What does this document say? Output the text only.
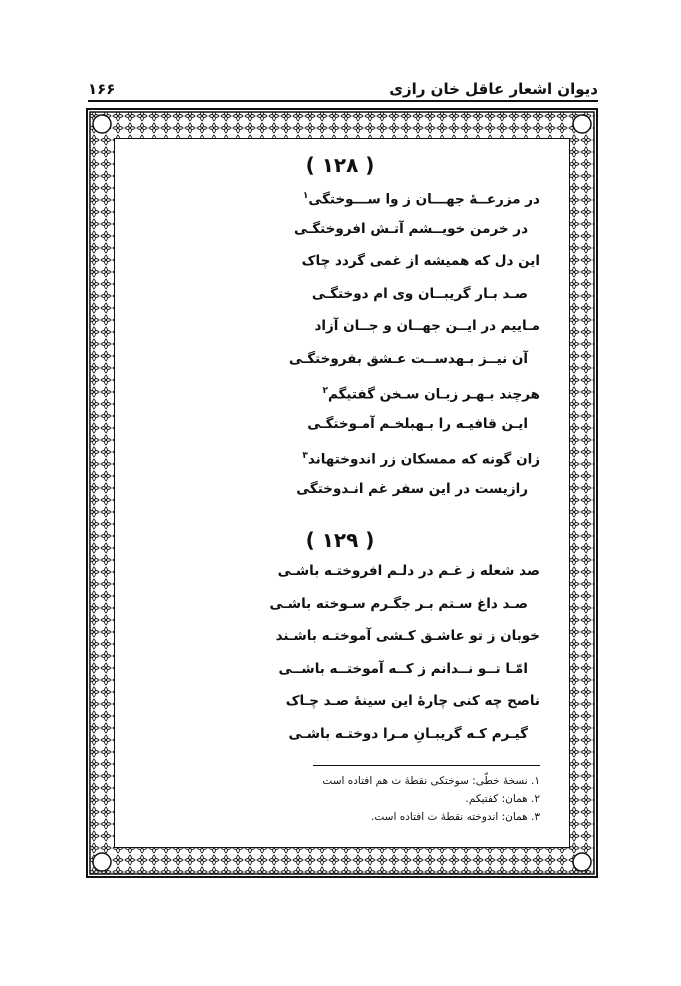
دیوان اشعار عاقل خان رازی
۱۶۶
( ۱۲۸ )
در مزرعــهٔ جهـــان ز وا ســـوختگی$^۱$
در خرمن خویــشم آتـش افروختگـی
این دل که همیشه از غمی گردد چاک
صـد بـار گریبــان وی ام دوختگـی
مـاییم در ایــن جهــان و جــان آزاد
آن نیــز بـهدســت عـشق بفروختگـی
هرچند بـهـر زبـان سـخن گفتیگم$^۲$
ایـن قافیـه را بـهبلخـم آمـوختگـی
زان گونه که ممسکان زر اندوختهاند$^۳$
رازیست در این سفر غم انـدوختگی
( ۱۲۹ )
صد شعله ز غـم در دلـم افروختـه باشـی
صـد داغ سـتم بـر جگـرم سـوخته باشـی
خوبان ز تو عاشـق کـشی آموختـه باشـند
امّـا تــو نــدانم ز کــه آموختــه باشــی
ناصح چه کنی چارهٔ این سینهٔ صـد چـاک
گیـرم کـه گریبـانِ مـرا دوختـه باشـی
۱. نسخهٔ خطّی: سوختکی نقطهٔ ت هم افتاده است
۲. همان: کفتیکم.
۳. همان: اندوخته نقطهٔ ت افتاده است.
